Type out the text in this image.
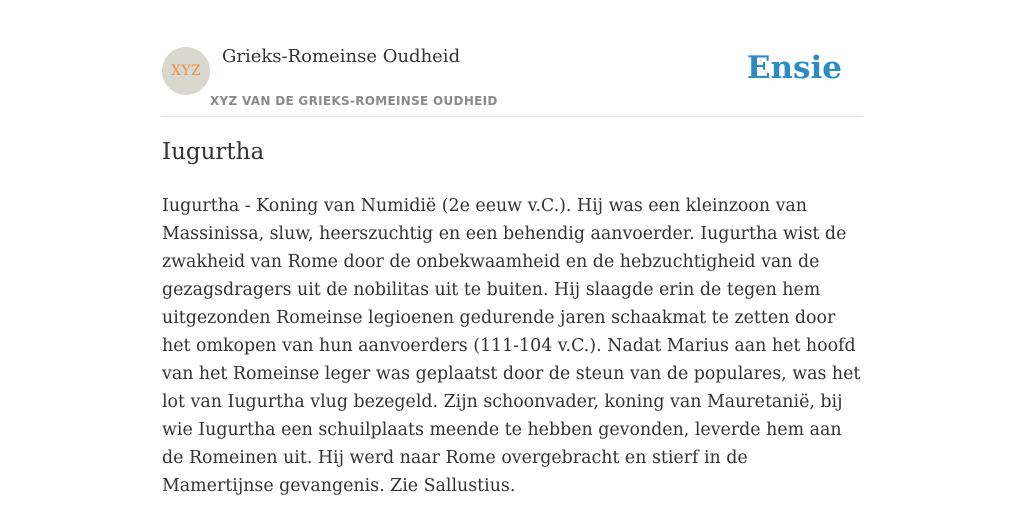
XYZ
Grieks-Romeinse Oudheid
XYZ VAN DE GRIEKS-ROMEINSE OUDHEID
Ensie
Iugurtha

Iugurtha - Koning van Numidië (2e eeuw v.C.). Hij was een kleinzoon van Massinissa, sluw, heerszuchtig en een behendig aanvoerder. Iugurtha wist de zwakheid van Rome door de onbekwaamheid en de hebzuchtigheid van de gezagsdragers uit de nobilitas uit te buiten. Hij slaagde erin de tegen hem uitgezonden Romeinse legioenen gedurende jaren schaakmat te zetten door het omkopen van hun aanvoerders (111-104 v.C.). Nadat Marius aan het hoofd van het Romeinse leger was geplaatst door de steun van de populares, was het lot van Iugurtha vlug bezegeld. Zijn schoonvader, koning van Mauretanië, bij wie Iugurtha een schuilplaats meende te hebben gevonden, leverde hem aan de Romeinen uit. Hij werd naar Rome overgebracht en stierf in de Mamertijnse gevangenis. Zie Sallustius.
